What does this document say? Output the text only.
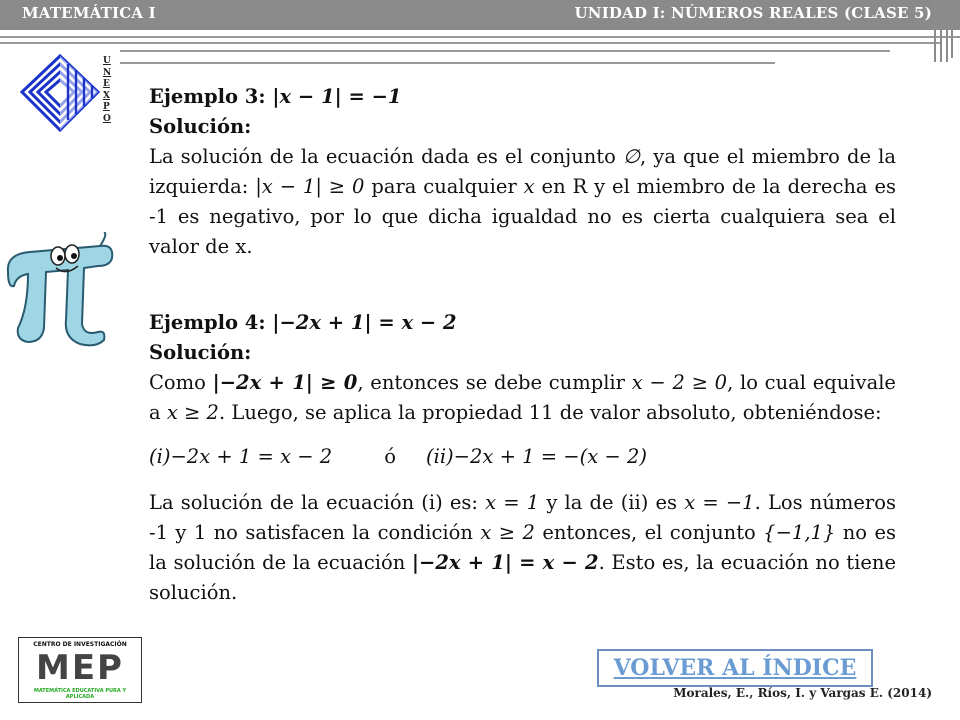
MATEMÁTICA I	UNIDAD I: NÚMEROS REALES (CLASE 5)
U
N
E
X
P
O

Ejemplo 3: |x − 1| = −1

Solución:

La solución de la ecuación dada es el conjunto ∅, ya que el miembro de la izquierda: |x − 1| ≥ 0 para cualquier x en R y el miembro de la derecha es -1 es negativo, por lo que dicha igualdad no es cierta cualquiera sea el valor de x.

Ejemplo 4: |−2x + 1| = x − 2

Solución:

Como |−2x + 1| ≥ 0, entonces se debe cumplir x − 2 ≥ 0, lo cual equivale a x ≥ 2. Luego, se aplica la propiedad 11 de valor absoluto, obteniéndose:

(i)−2x + 1 = x − 2	ó (ii)−2x + 1 = −(x − 2)

La solución de la ecuación (i) es: x = 1 y la de (ii) es x = −1. Los números -1 y 1 no satisfacen la condición x ≥ 2 entonces, el conjunto {−1,1} no es la solución de la ecuación |−2x + 1| = x − 2. Esto es, la ecuación no tiene solución.

CENTRO DE INVESTIGACIÓN
MEP
MATEMÁTICA EDUCATIVA PURA Y APLICADA
VOLVER AL ÍNDICE
Morales, E., Ríos, I. y Vargas E. (2014)
